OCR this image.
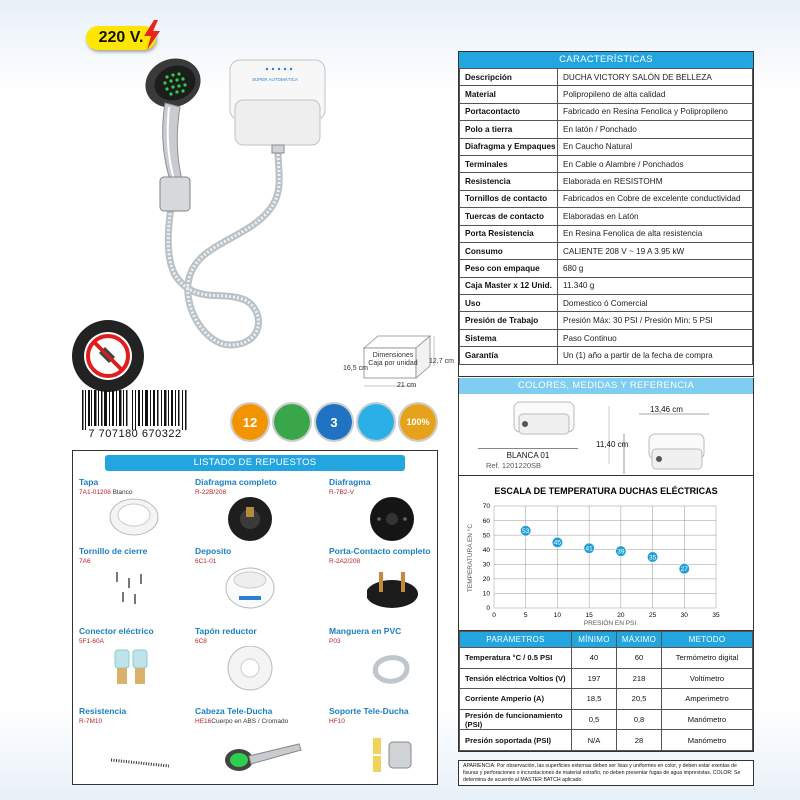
220 V.
SUPER AUTOMÁTICA
Dimensiones
Caja por unidad 12,7 cm
16,5 cm
21 cm
7 707180 670322
12	3	100%
CARACTERÍSTICAS
Descripción	DUCHA VICTORY SALÓN DE BELLEZA
Material	Polipropileno de alta calidad
Portacontacto	Fabricado en Resina Fenolica y Polipropileno
Polo a tierra	En latón / Ponchado
Diafragma y Empaques	En Caucho Natural
Terminales	En Cable o Alambre / Ponchados
Resistencia	Elaborada en RESISTOHM
Tornillos de contacto	Fabricados en Cobre de excelente conductividad
Tuercas de contacto	Elaboradas en Latón
Porta Resistencia	En Resina Fenolica de alta resistencia
Consumo	CALIENTE 208 V ~ 19 A 3.95 kW
Peso con empaque	680 g
Caja Master x 12 Unid.	11.340 g
Uso	Domestico ó Comercial
Presión de Trabajo	Presión Máx: 30 PSI / Presión Mín: 5 PSI
Sistema	Paso Continuo
Garantía	Un (1) año a partir de la fecha de compra
COLORES, MEDIDAS Y REFERENCIA
13,46 cm
11,40 cm
BLANCA 01
Ref. 1201220SB
ESCALA DE TEMPERATURA DUCHAS ELÉCTRICAS
0	5	10	15	20	25	30	35
0
10
20
30
40
50
60
70
53
45
41	39
35
27
PRESIÓN EN PSI
TEMPERATURA EN °C
PARÁMETROS	MÍNIMO	MÁXIMO	METODO
Temperatura °C / 0.5 PSI	40	60	Termómetro digital
Tensión eléctrica Voltios (V)	197	218	Voltímetro
Corriente Amperio (A)	18,5	20,5	Amperimetro
Presión de funcionamiento (PSI)	0,5	0,8	Manómetro
Presión soportada (PSI)	N/A	28	Manómetro
APARIENCIA: Por observación, las superficies externas deben ser lisas y uniformes en color, y deben estar exentas de fisuras y perforaciones o incrustaciones de material extraño, no deben presentar fugas de agua imprevistas. COLOR: Se determina de acuerdo al MASTER BATCH aplicado.
LISTADO DE REPUESTOS
Tapa
7A1-01208 Blanco
Diafragma completo
R-22B/208
Diafragma
R-7B2-V
Tornillo de cierre
7A6
Deposito
6C1-01
Porta-Contacto completo
R-2A2/208
Conector eléctrico
5F1-60A
Tapón reductor
6C8
Manguera en PVC
P03
Resistencia
R-7M10
Cabeza Tele-Ducha
HE16Cuerpo en ABS / Cromado
Soporte Tele-Ducha
HF10
